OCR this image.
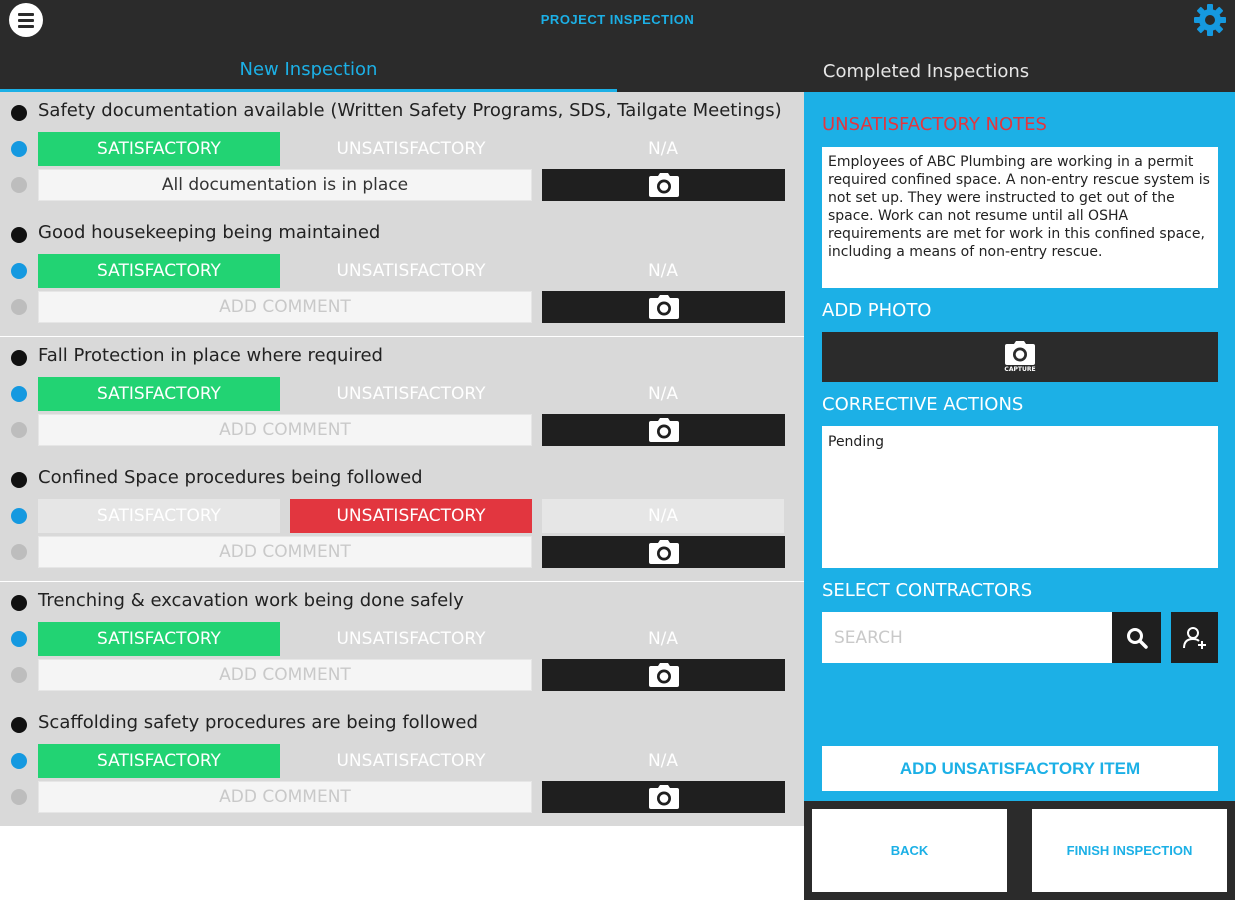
PROJECT INSPECTION
New Inspection	Completed Inspections
Safety documentation available (Written Safety Programs, SDS, Tailgate Meetings)
SATISFACTORY	UNSATISFACTORY	N/A
All documentation is in place
Good housekeeping being maintained
SATISFACTORY	UNSATISFACTORY	N/A
ADD COMMENT
Fall Protection in place where required
SATISFACTORY	UNSATISFACTORY	N/A
ADD COMMENT
Confined Space procedures being followed
SATISFACTORY	UNSATISFACTORY	N/A
ADD COMMENT
Trenching & excavation work being done safely
SATISFACTORY	UNSATISFACTORY	N/A
ADD COMMENT
Scaffolding safety procedures are being followed
SATISFACTORY	UNSATISFACTORY	N/A
ADD COMMENT
UNSATISFACTORY NOTES
Employees of ABC Plumbing are working in a permit required confined space. A non-entry rescue system is not set up. They were instructed to get out of the space. Work can not resume until all OSHA requirements are met for work in this confined space, including a means of non-entry rescue.
ADD PHOTO
CAPTURE
CORRECTIVE ACTIONS
Pending
SELECT CONTRACTORS
SEARCH
ADD UNSATISFACTORY ITEM
BACK	FINISH INSPECTION
